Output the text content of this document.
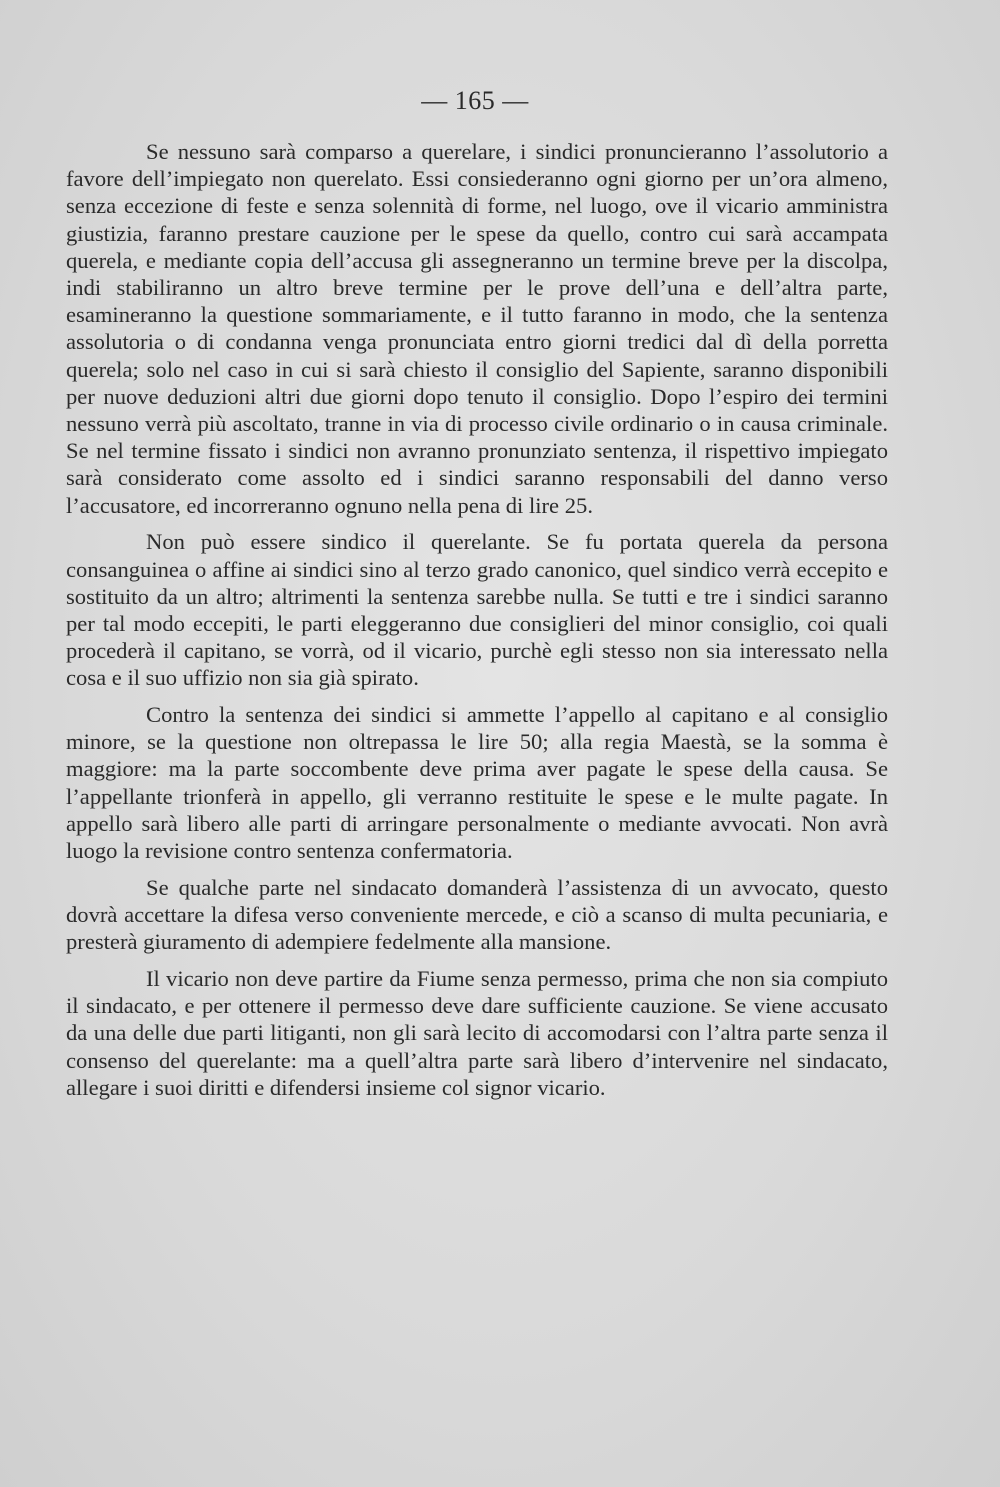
— 165 —

Se nessuno sarà comparso a querelare, i sindici pronuncieranno l’assolutorio a favore dell’impiegato non querelato. Essi consiederanno ogni giorno per un’ora almeno, senza eccezione di feste e senza solennità di forme, nel luogo, ove il vicario amministra giustizia, faranno prestare cauzione per le spese da quello, contro cui sarà accampata querela, e mediante copia dell’accusa gli assegneranno un termine breve per la discolpa, indi stabiliranno un altro breve termine per le prove dell’una e dell’altra parte, esamineranno la questione sommariamente, e il tutto faranno in modo, che la sentenza assolutoria o di condanna venga pronunciata entro giorni tredici dal dì della porretta querela; solo nel caso in cui si sarà chiesto il consiglio del Sapiente, saranno disponibili per nuove deduzioni altri due giorni dopo tenuto il consiglio. Dopo l’espiro dei termini nessuno verrà più ascoltato, tranne in via di processo civile ordinario o in causa criminale. Se nel termine fissato i sindici non avranno pronunziato sentenza, il rispettivo impiegato sarà considerato come assolto ed i sindici saranno responsabili del danno verso l’accusatore, ed incorreranno ognuno nella pena di lire 25.

Non può essere sindico il querelante. Se fu portata querela da persona consanguinea o affine ai sindici sino al terzo grado canonico, quel sindico verrà eccepito e sostituito da un altro; altrimenti la sentenza sarebbe nulla. Se tutti e tre i sindici saranno per tal modo eccepiti, le parti eleggeranno due consiglieri del minor consiglio, coi quali procederà il capitano, se vorrà, od il vicario, purchè egli stesso non sia interessato nella cosa e il suo uffizio non sia già spirato.

Contro la sentenza dei sindici si ammette l’appello al capitano e al consiglio minore, se la questione non oltrepassa le lire 50; alla regia Maestà, se la somma è maggiore: ma la parte soccombente deve prima aver pagate le spese della causa. Se l’appellante trionferà in appello, gli verranno restituite le spese e le multe pagate. In appello sarà libero alle parti di arringare personalmente o mediante avvocati. Non avrà luogo la revisione contro sentenza confermatoria.

Se qualche parte nel sindacato domanderà l’assistenza di un avvocato, questo dovrà accettare la difesa verso conveniente mercede, e ciò a scanso di multa pecuniaria, e presterà giuramento di adempiere fedelmente alla mansione.

Il vicario non deve partire da Fiume senza permesso, prima che non sia compiuto il sindacato, e per ottenere il permesso deve dare sufficiente cauzione. Se viene accusato da una delle due parti litiganti, non gli sarà lecito di accomodarsi con l’altra parte senza il consenso del querelante: ma a quell’altra parte sarà libero d’intervenire nel sindacato, allegare i suoi diritti e difendersi insieme col signor vicario.
